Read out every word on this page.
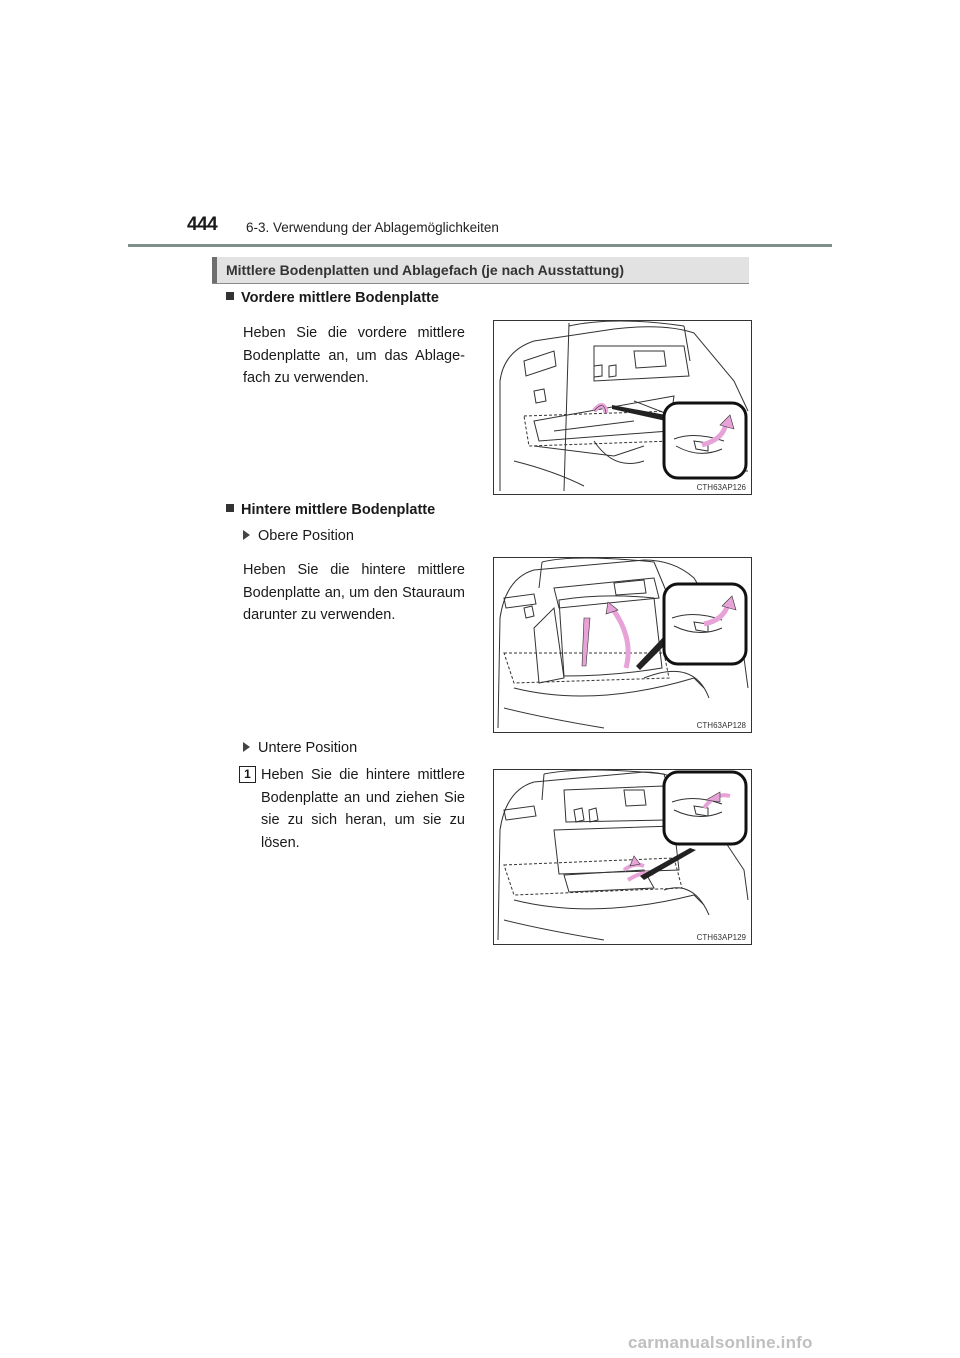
444 6-3. Verwendung der Ablagemöglichkeiten
Mittlere Bodenplatten und Ablagefach (je nach Ausstattung)
Vordere mittlere Bodenplatte
Heben Sie die vordere mittlere Bodenplatte an, um das Ablage-fach zu verwenden.
CTH63AP126
Hintere mittlere Bodenplatte
Obere Position
Heben Sie die hintere mittlere Bodenplatte an, um den Stauraum darunter zu verwenden.
CTH63AP128
Untere Position
1 Heben Sie die hintere mittlere Bodenplatte an und ziehen Sie sie zu sich heran, um sie zu lösen.
CTH63AP129
carmanualsonline.info
